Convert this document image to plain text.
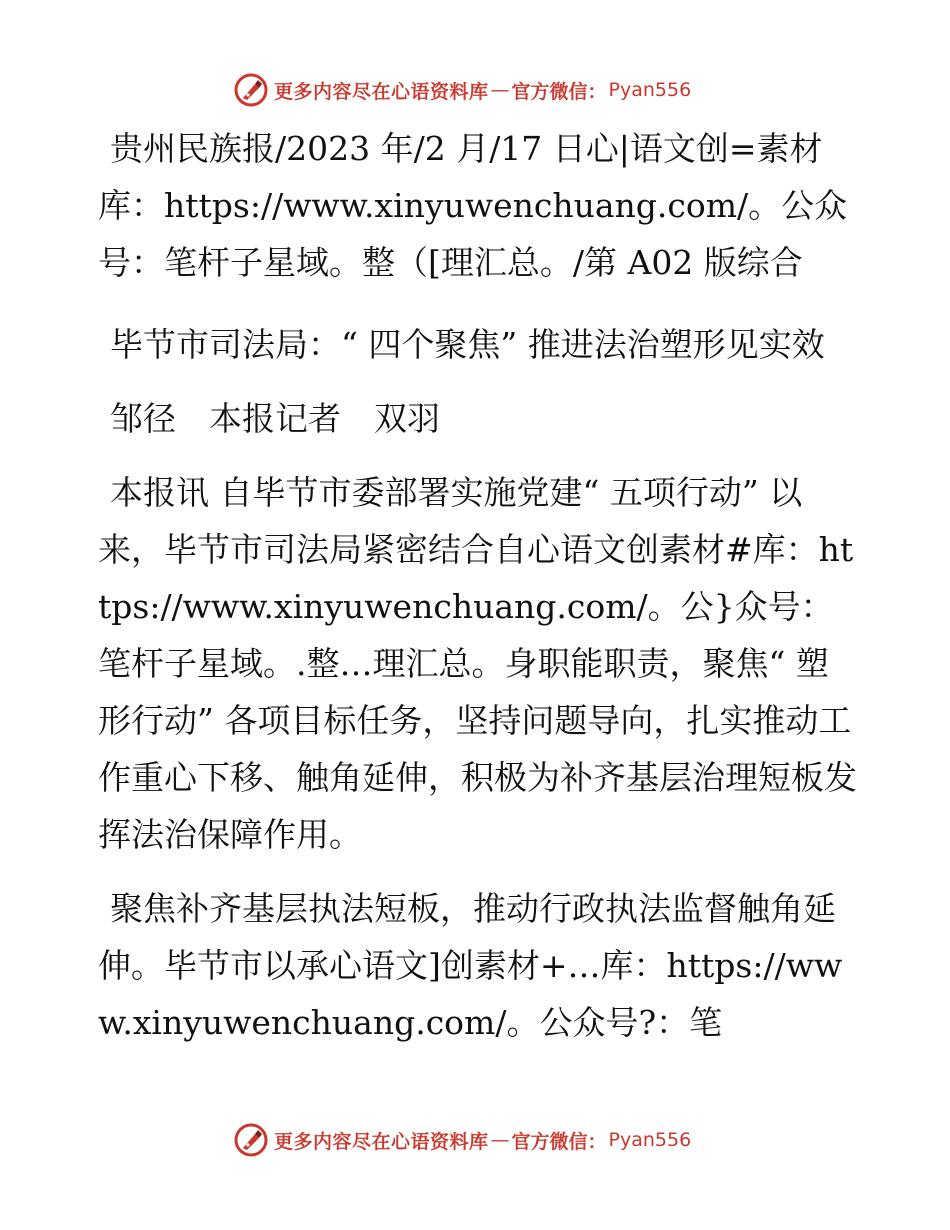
更多内容尽在心语资料库 — 官方微信 ： Pyan556

贵州民族报/2023 年/2 月/17 日心|语文创=素材库：https://www.xinyuwenchuang.com/。公众号：笔杆子星域。整（[理汇总。/第 A02 版综合

毕节市司法局：“ 四个聚焦” 推进法治塑形见实效

邹径　本报记者　双羽

本报讯 自毕节市委部署实施党建“ 五项行动” 以来，毕节市司法局紧密结合自心语文创素材#库：https://www.xinyuwenchuang.com/。公}众号：笔杆子星域。.整…理汇总。身职能职责，聚焦“ 塑形行动” 各项目标任务，坚持问题导向，扎实推动工作重心下移、触角延伸，积极为补齐基层治理短板发挥法治保障作用。

聚焦补齐基层执法短板，推动行政执法监督触角延伸。毕节市以承心语文]创素材+…库：https://www.xinyuwenchuang.com/。公众号?：笔

更多内容尽在心语资料库 — 官方微信 ： Pyan556
